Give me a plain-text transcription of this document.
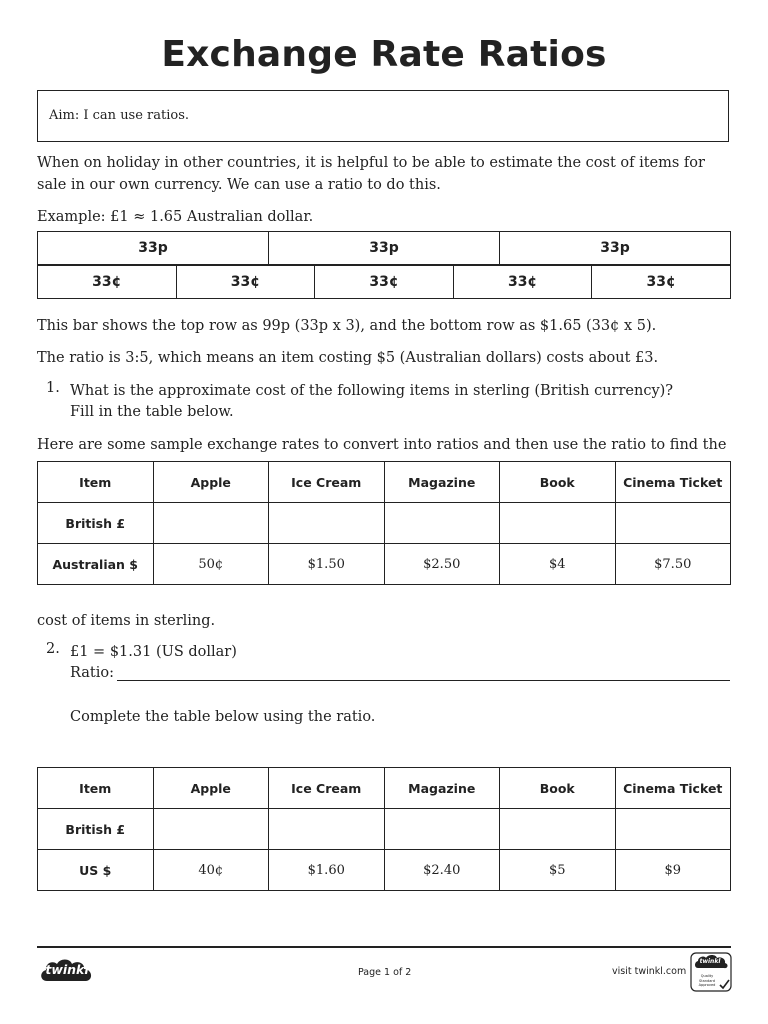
Exchange Rate Ratios
Aim: I can use ratios.
When on holiday in other countries, it is helpful to be able to estimate the cost of items for sale in our own currency. We can use a ratio to do this.
Example: £1 ≈ 1.65 Australian dollar.
33p	33p	33p
33¢	33¢	33¢	33¢	33¢
This bar shows the top row as 99p (33p x 3), and the bottom row as $1.65 (33¢ x 5).
The ratio is 3:5, which means an item costing $5 (Australian dollars) costs about £3.
1. What is the approximate cost of the following items in sterling (British currency)?
Fill in the table below.
Here are some sample exchange rates to convert into ratios and then use the ratio to find the
Item	Apple	Ice Cream	Magazine	Book	Cinema Ticket
British £					
Australian $	50¢	$1.50	$2.50	$4	$7.50
cost of items in sterling.
2. £1 = $1.31 (US dollar)
Ratio:
Complete the table below using the ratio.
Item	Apple	Ice Cream	Magazine	Book	Cinema Ticket
British £					
US $	40¢	$1.60	$2.40	$5	$9
twinkl	Page 1 of 2	visit twinkl.com
twinkl
Quality Standard Approved
